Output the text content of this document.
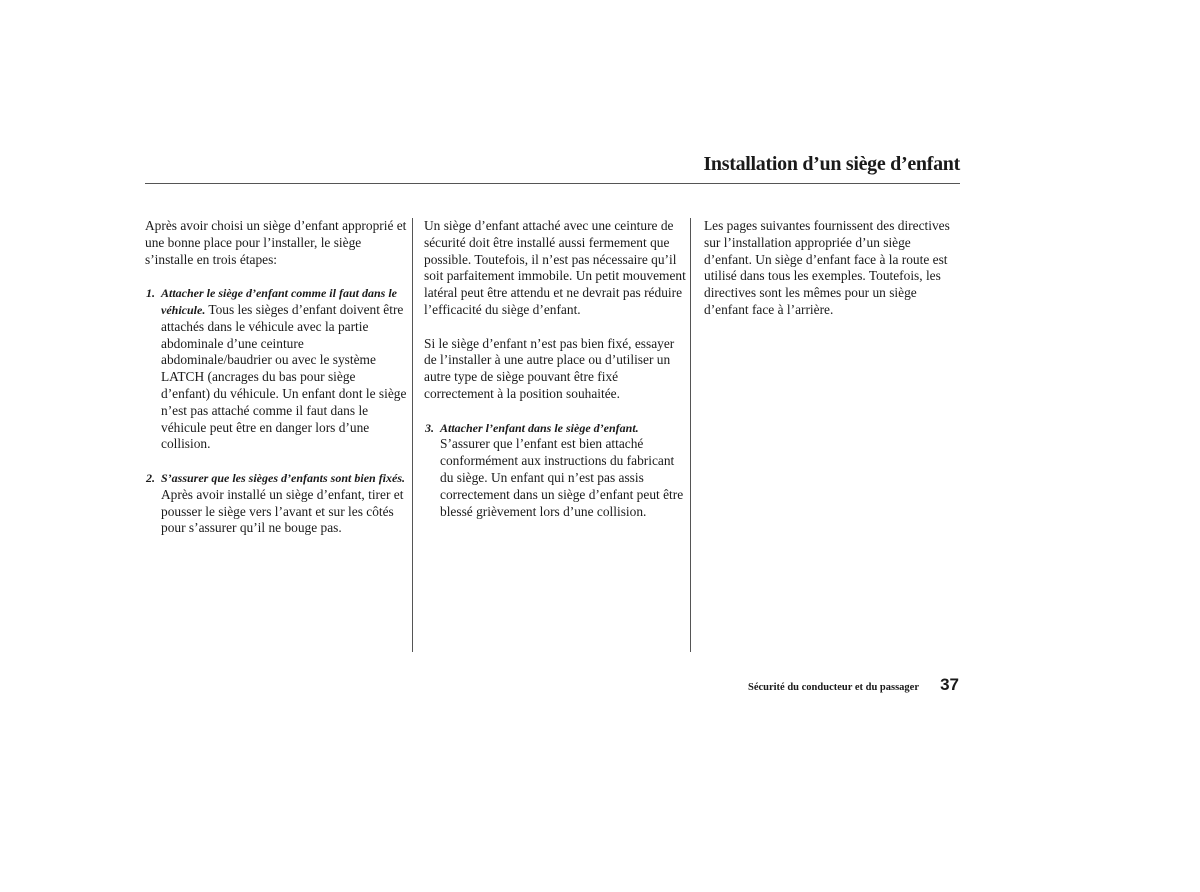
Installation d’un siège d’enfant

Après avoir choisi un siège d’enfant approprié et une bonne place pour l’installer, le siège s’installe en trois étapes:

1. Attacher le siège d’enfant comme il faut dans le véhicule. Tous les sièges d’enfant doivent être attachés dans le véhicule avec la partie abdominale d’une ceinture abdominale/baudrier ou avec le système LATCH (ancrages du bas pour siège d’enfant) du véhicule. Un enfant dont le siège n’est pas attaché comme il faut dans le véhicule peut être en danger lors d’une collision.
2. S’assurer que les sièges d’enfants sont bien fixés. Après avoir installé un siège d’enfant, tirer et pousser le siège vers l’avant et sur les côtés pour s’assurer qu’il ne bouge pas.

Un siège d’enfant attaché avec une ceinture de sécurité doit être installé aussi fermement que possible. Toutefois, il n’est pas nécessaire qu’il soit parfaitement immobile. Un petit mouvement latéral peut être attendu et ne devrait pas réduire l’efficacité du siège d’enfant.

Si le siège d’enfant n’est pas bien fixé, essayer de l’installer à une autre place ou d’utiliser un autre type de siège pouvant être fixé correctement à la position souhaitée.

3. Attacher l’enfant dans le siège d’enfant. S’assurer que l’enfant est bien attaché conformément aux instructions du fabricant du siège. Un enfant qui n’est pas assis correctement dans un siège d’enfant peut être blessé grièvement lors d’une collision.

Les pages suivantes fournissent des directives sur l’installation appropriée d’un siège d’enfant. Un siège d’enfant face à la route est utilisé dans tous les exemples. Toutefois, les directives sont les mêmes pour un siège d’enfant face à l’arrière.

Sécurité du conducteur et du passager 37
